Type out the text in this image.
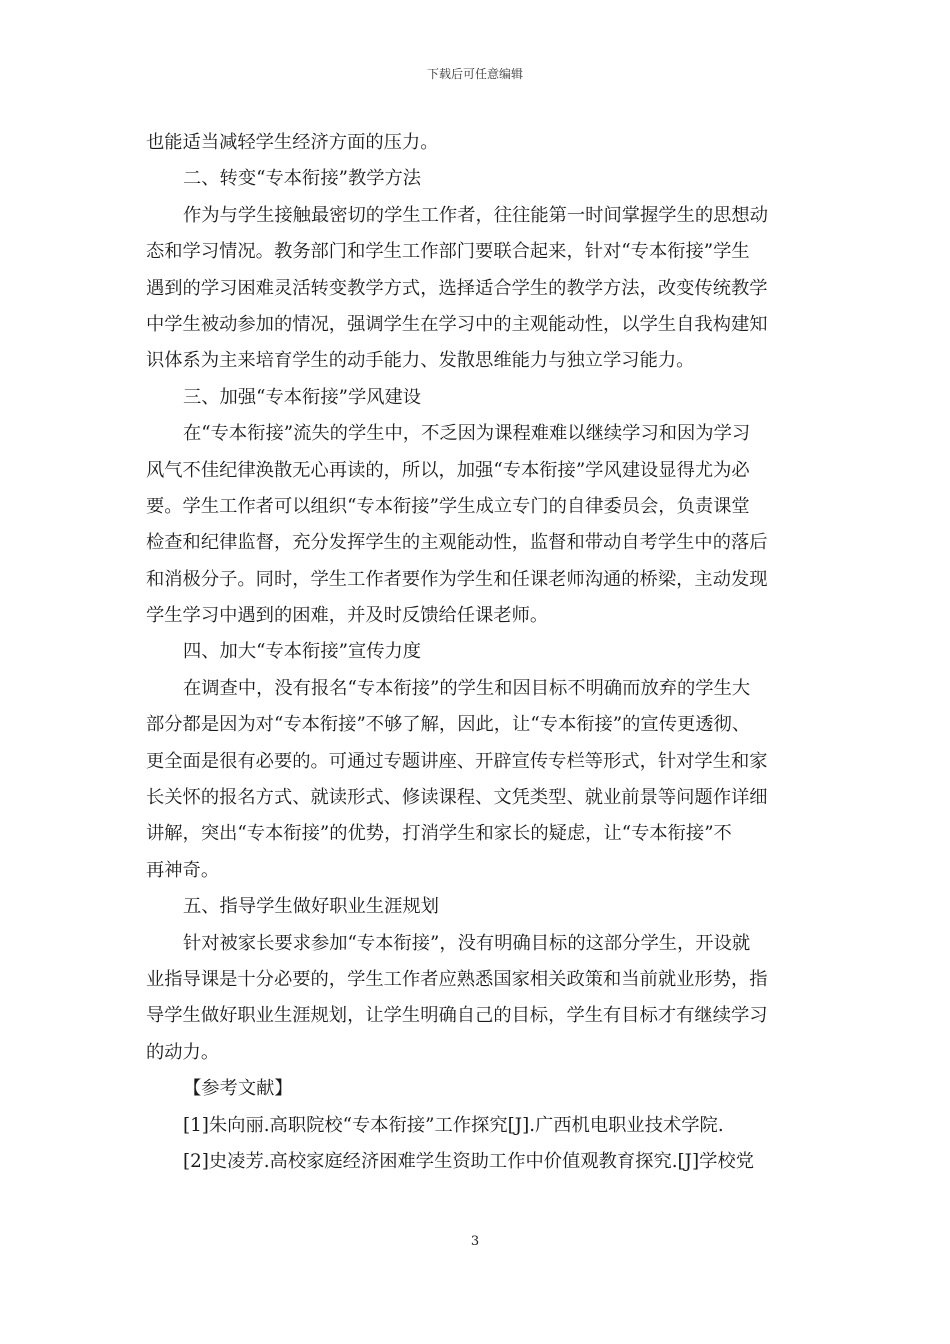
下载后可任意编辑
也能适当减轻学生经济方面的压力。
二、转变“专本衔接”教学方法
作为与学生接触最密切的学生工作者，往往能第一时间掌握学生的思想动
态和学习情况。教务部门和学生工作部门要联合起来，针对“专本衔接”学生
遇到的学习困难灵活转变教学方式，选择适合学生的教学方法，改变传统教学
中学生被动参加的情况，强调学生在学习中的主观能动性，以学生自我构建知
识体系为主来培育学生的动手能力、发散思维能力与独立学习能力。
三、加强“专本衔接”学风建设
在“专本衔接”流失的学生中，不乏因为课程难难以继续学习和因为学习
风气不佳纪律涣散无心再读的，所以，加强“专本衔接”学风建设显得尤为必
要。学生工作者可以组织“专本衔接”学生成立专门的自律委员会，负责课堂
检查和纪律监督，充分发挥学生的主观能动性，监督和带动自考学生中的落后
和消极分子。同时，学生工作者要作为学生和任课老师沟通的桥梁，主动发现
学生学习中遇到的困难，并及时反馈给任课老师。
四、加大“专本衔接”宣传力度
在调查中，没有报名“专本衔接”的学生和因目标不明确而放弃的学生大
部分都是因为对“专本衔接”不够了解，因此，让“专本衔接”的宣传更透彻、
更全面是很有必要的。可通过专题讲座、开辟宣传专栏等形式，针对学生和家
长关怀的报名方式、就读形式、修读课程、文凭类型、就业前景等问题作详细
讲解，突出“专本衔接”的优势，打消学生和家长的疑虑，让“专本衔接”不
再神奇。
五、指导学生做好职业生涯规划
针对被家长要求参加“专本衔接”，没有明确目标的这部分学生，开设就
业指导课是十分必要的，学生工作者应熟悉国家相关政策和当前就业形势，指
导学生做好职业生涯规划，让学生明确自己的目标，学生有目标才有继续学习
的动力。
【参考文献】
[1]朱向丽.高职院校“专本衔接”工作探究[J].广西机电职业技术学院.
[2]史凌芳.高校家庭经济困难学生资助工作中价值观教育探究.[J]学校党
3
